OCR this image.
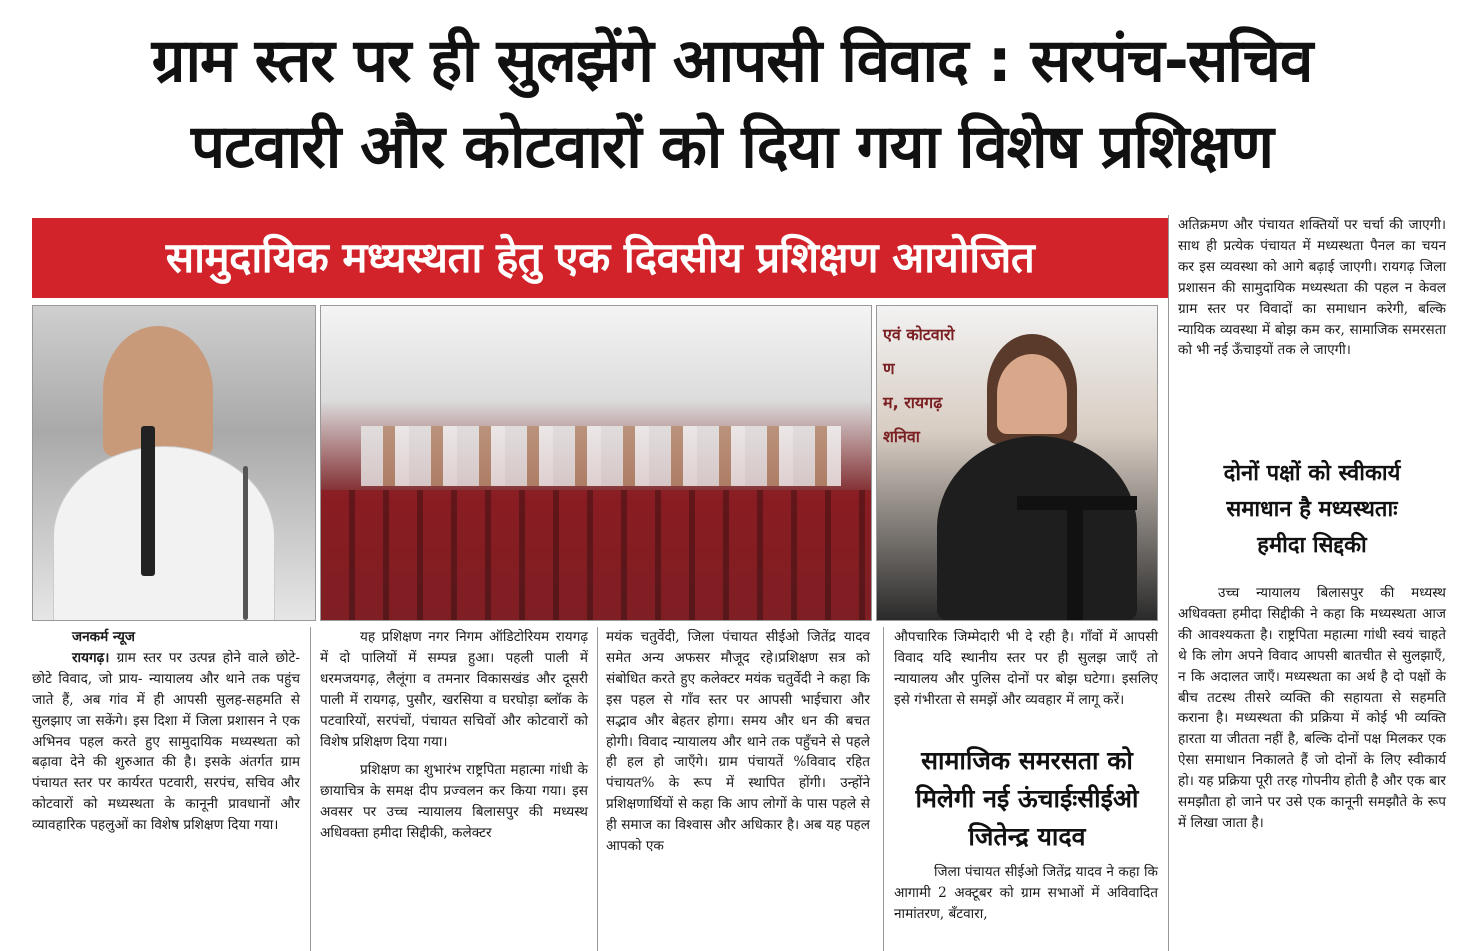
ग्राम स्तर पर ही सुलझेंगे आपसी विवाद : सरपंच-सचिव
पटवारी और कोटवारों को दिया गया विशेष प्रशिक्षण
सामुदायिक मध्यस्थता हेतु एक दिवसीय प्रशिक्षण आयोजित
एवं कोटवारो
ण
म, रायगढ़
शनिवा
जनकर्म न्यूज

रायगढ़। ग्राम स्तर पर उत्पन्न होने वाले छोटे-छोटे विवाद, जो प्राय- न्यायालय और थाने तक पहुंच जाते हैं, अब गांव में ही आपसी सुलह-सहमति से सुलझाए जा सकेंगे। इस दिशा में जिला प्रशासन ने एक अभिनव पहल करते हुए सामुदायिक मध्यस्थता को बढ़ावा देने की शुरुआत की है। इसके अंतर्गत ग्राम पंचायत स्तर पर कार्यरत पटवारी, सरपंच, सचिव और कोटवारों को मध्यस्थता के कानूनी प्रावधानों और व्यावहारिक पहलुओं का विशेष प्रशिक्षण दिया गया।

यह प्रशिक्षण नगर निगम ऑडिटोरियम रायगढ़ में दो पालियों में सम्पन्न हुआ। पहली पाली में धरमजयगढ़, लैलूंगा व तमनार विकासखंड और दूसरी पाली में रायगढ़, पुसौर, खरसिया व घरघोड़ा ब्लॉक के पटवारियों, सरपंचों, पंचायत सचिवों और कोटवारों को विशेष प्रशिक्षण दिया गया।

प्रशिक्षण का शुभारंभ राष्ट्रपिता महात्मा गांधी के छायाचित्र के समक्ष दीप प्रज्वलन कर किया गया। इस अवसर पर उच्च न्यायालय बिलासपुर की मध्यस्थ अधिवक्ता हमीदा सिद्दीकी, कलेक्टर

मयंक चतुर्वेदी, जिला पंचायत सीईओ जितेंद्र यादव समेत अन्य अफसर मौजूद रहे।प्रशिक्षण सत्र को संबोधित करते हुए कलेक्टर मयंक चतुर्वेदी ने कहा कि इस पहल से गाँव स्तर पर आपसी भाईचारा और सद्भाव और बेहतर होगा। समय और धन की बचत होगी। विवाद न्यायालय और थाने तक पहुँचने से पहले ही हल हो जाएँगे। ग्राम पंचायतें %विवाद रहित पंचायत% के रूप में स्थापित होंगी। उन्होंने प्रशिक्षणार्थियों से कहा कि आप लोगों के पास पहले से ही समाज का विश्वास और अधिकार है। अब यह पहल आपको एक

औपचारिक जिम्मेदारी भी दे रही है। गाँवों में आपसी विवाद यदि स्थानीय स्तर पर ही सुलझ जाएँ तो न्यायालय और पुलिस दोनों पर बोझ घटेगा। इसलिए इसे गंभीरता से समझें और व्यवहार में लागू करें।

सामाजिक समरसता को
मिलेगी नई ऊंचाईःसीईओ
जितेन्द्र यादव

जिला पंचायत सीईओ जितेंद्र यादव ने कहा कि आगामी 2 अक्टूबर को ग्राम सभाओं में अविवादित नामांतरण, बँटवारा,

अतिक्रमण और पंचायत शक्तियों पर चर्चा की जाएगी। साथ ही प्रत्येक पंचायत में मध्यस्थता पैनल का चयन कर इस व्यवस्था को आगे बढ़ाई जाएगी। रायगढ़ जिला प्रशासन की सामुदायिक मध्यस्थता की पहल न केवल ग्राम स्तर पर विवादों का समाधान करेगी, बल्कि न्यायिक व्यवस्था में बोझ कम कर, सामाजिक समरसता को भी नई ऊँचाइयों तक ले जाएगी।

दोनों पक्षों को स्वीकार्य
समाधान है मध्यस्थताः
हमीदा सिद्दकी

उच्च न्यायालय बिलासपुर की मध्यस्थ अधिवक्ता हमीदा सिद्दीकी ने कहा कि मध्यस्थता आज की आवश्यकता है। राष्ट्रपिता महात्मा गांधी स्वयं चाहते थे कि लोग अपने विवाद आपसी बातचीत से सुलझाएँ, न कि अदालत जाएँ। मध्यस्थता का अर्थ है दो पक्षों के बीच तटस्थ तीसरे व्यक्ति की सहायता से सहमति कराना है। मध्यस्थता की प्रक्रिया में कोई भी व्यक्ति हारता या जीतता नहीं है, बल्कि दोनों पक्ष मिलकर एक ऐसा समाधान निकालते हैं जो दोनों के लिए स्वीकार्य हो। यह प्रक्रिया पूरी तरह गोपनीय होती है और एक बार समझौता हो जाने पर उसे एक कानूनी समझौते के रूप में लिखा जाता है।
